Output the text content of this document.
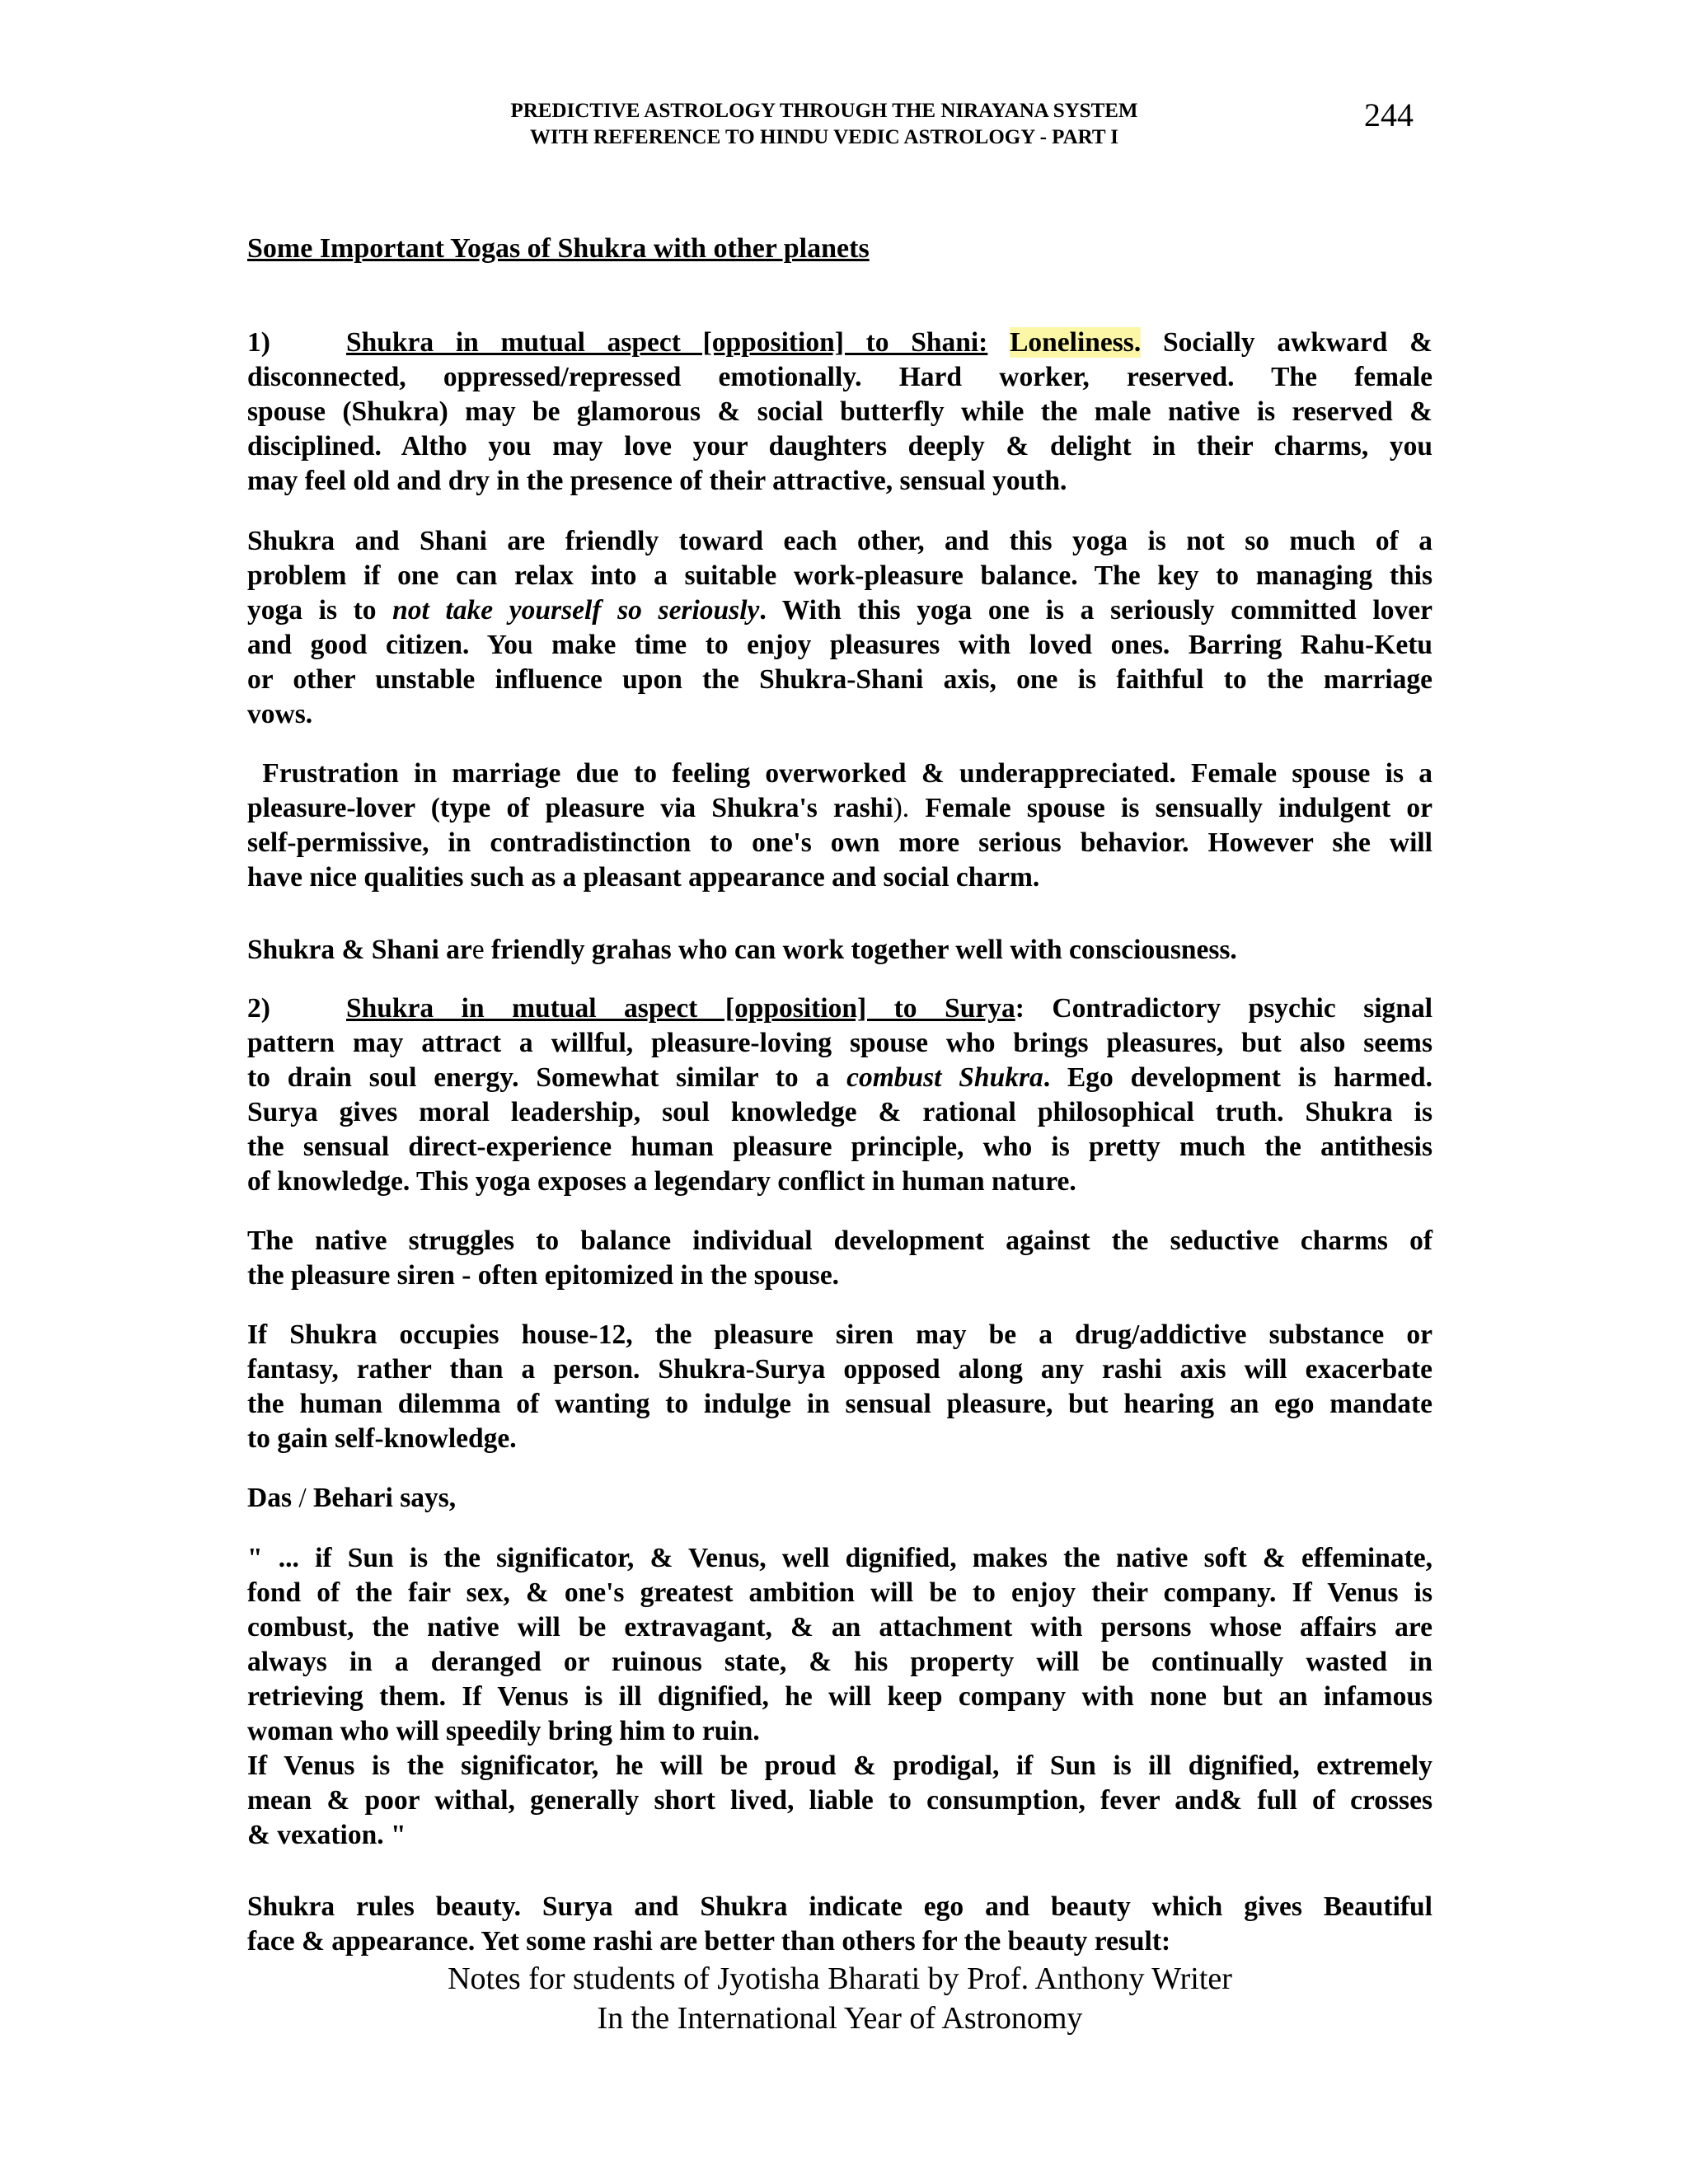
PREDICTIVE ASTROLOGY THROUGH THE NIRAYANA SYSTEM
WITH REFERENCE TO HINDU VEDIC ASTROLOGY - PART I
244
Some Important Yogas of Shukra with other planets

1)	Shukra in mutual aspect [opposition] to Shani: Loneliness. Socially awkward &

disconnected, oppressed/repressed emotionally. Hard worker, reserved. The female

spouse (Shukra) may be glamorous & social butterfly while the male native is reserved &

disciplined. Altho you may love your daughters deeply & delight in their charms, you

may feel old and dry in the presence of their attractive, sensual youth.

Shukra and Shani are friendly toward each other, and this yoga is not so much of a

problem if one can relax into a suitable work-pleasure balance. The key to managing this

yoga is to not take yourself so seriously. With this yoga one is a seriously committed lover

and good citizen. You make time to enjoy pleasures with loved ones. Barring Rahu-Ketu

or other unstable influence upon the Shukra-Shani axis, one is faithful to the marriage

vows.

Frustration in marriage due to feeling overworked & underappreciated. Female spouse is a

pleasure-lover (type of pleasure via Shukra's rashi). Female spouse is sensually indulgent or

self-permissive, in contradistinction to one's own more serious behavior. However she will

have nice qualities such as a pleasant appearance and social charm.

Shukra & Shani are friendly grahas who can work together well with consciousness.

2)	Shukra in mutual aspect [opposition] to Surya: Contradictory psychic signal

pattern may attract a willful, pleasure-loving spouse who brings pleasures, but also seems

to drain soul energy. Somewhat similar to a combust Shukra. Ego development is harmed.

Surya gives moral leadership, soul knowledge & rational philosophical truth. Shukra is

the sensual direct-experience human pleasure principle, who is pretty much the antithesis

of knowledge. This yoga exposes a legendary conflict in human nature.

The native struggles to balance individual development against the seductive charms of

the pleasure siren - often epitomized in the spouse.

If Shukra occupies house-12, the pleasure siren may be a drug/addictive substance or

fantasy, rather than a person. Shukra-Surya opposed along any rashi axis will exacerbate

the human dilemma of wanting to indulge in sensual pleasure, but hearing an ego mandate

to gain self-knowledge.

Das / Behari says,

" ... if Sun is the significator, & Venus, well dignified, makes the native soft & effeminate,

fond of the fair sex, & one's greatest ambition will be to enjoy their company. If Venus is

combust, the native will be extravagant, & an attachment with persons whose affairs are

always in a deranged or ruinous state, & his property will be continually wasted in

retrieving them. If Venus is ill dignified, he will keep company with none but an infamous

woman who will speedily bring him to ruin.

If Venus is the significator, he will be proud & prodigal, if Sun is ill dignified, extremely

mean & poor withal, generally short lived, liable to consumption, fever and& full of crosses

& vexation. "

Shukra rules beauty. Surya and Shukra indicate ego and beauty which gives Beautiful

face & appearance. Yet some rashi are better than others for the beauty result:

Notes for students of Jyotisha Bharati by Prof. Anthony Writer
In the International Year of Astronomy
